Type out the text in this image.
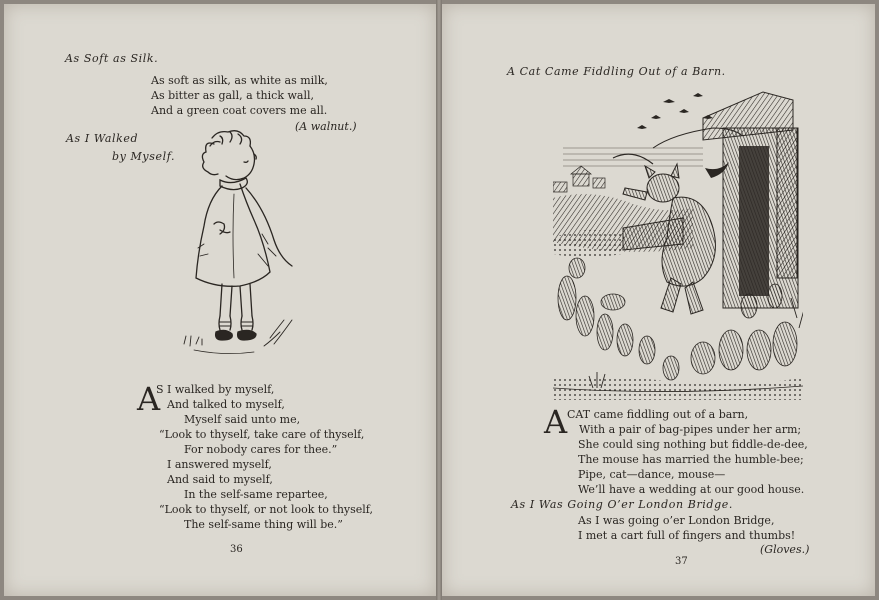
As Soft as Silk.
As soft as silk, as white as milk,
As bitter as gall, a thick wall,
And a green coat covers me all.
(A walnut.)
As I Walked
by Myself.
A
S I walked by myself,
And talked to myself,
Myself said unto me,
“Look to thyself, take care of thyself,
For nobody cares for thee.”
I answered myself,
And said to myself,
In the self-same repartee,
“Look to thyself, or not look to thyself,
The self-same thing will be.”
36
A Cat Came Fiddling Out of a Barn.
A CAT came fiddling out of a barn,
With a pair of bag-pipes under her arm;
She could sing nothing but fiddle-de-dee,
The mouse has married the humble-bee;
Pipe, cat—dance, mouse—
We’ll have a wedding at our good house.
As I Was Going O’er London Bridge.
As I was going o’er London Bridge,
I met a cart full of fingers and thumbs!
(Gloves.)
37
